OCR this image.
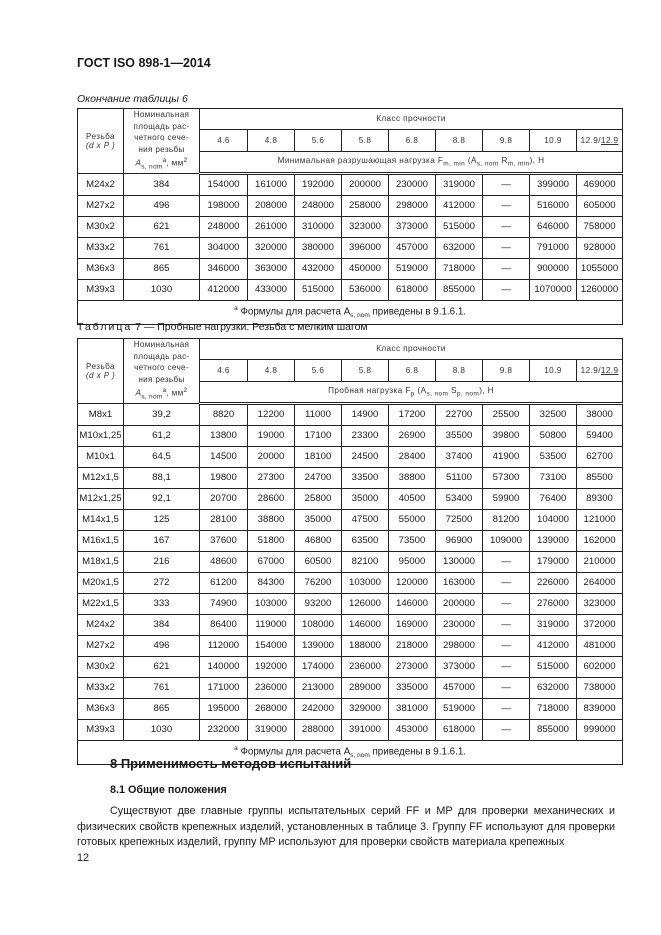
ГОСТ ISO 898-1—2014
Окончание таблицы 6
Резьба
(d x P )

Номинальная
площадь рас-
четного сече-
ния резьбы
$A_{s, nom}^a$, $мм^2$
	Класс прочности
		4.6	4.8	5.6	5.8	6.8	8.8	9.8	10.9	12.9/12.9
		Минимальная разрушающая нагрузка $F_{m, min}$ ($A_{s, nom}$ $R_{m, min}$), Н								
M24x2	384	154000	161000	192000	200000	230000	319000	—	399000	469000
M27x2	496	198000	208000	248000	258000	298000	412000	—	516000	605000
M30x2	621	248000	261000	310000	323000	373000	515000	—	646000	758000
M33x2	761	304000	320000	380000	396000	457000	632000	—	791000	928000
M36x3	865	346000	363000	432000	450000	519000	718000	—	900000	1055000
M39x3	1030	412000	433000	515000	536000	618000	855000	—	1070000	1260000
$^a$ Формулы для расчета $A_{s, nom}$ приведены в 9.1.6.1.										
Таблица 7 — Пробные нагрузки. Резьба с мелким шагом
Резьба
(d x P )

Номинальная
площадь рас-
четного сече-
ния резьбы
$A_{s, nom}^a$, $мм^2$
	Класс прочности
		4.6	4.8	5.6	5.8	6.8	8.8	9.8	10.9	12.9/12.9
		Пробная нагрузка $F_p$ ($A_{s, nom}$ $S_{p, nom}$), Н								
M8x1	39,2	8820	12200	11000	14900	17200	22700	25500	32500	38000
M10x1,25	61,2	13800	19000	17100	23300	26900	35500	39800	50800	59400
M10x1	64,5	14500	20000	18100	24500	28400	37400	41900	53500	62700
M12x1,5	88,1	19800	27300	24700	33500	38800	51100	57300	73100	85500
M12x1,25	92,1	20700	28600	25800	35000	40500	53400	59900	76400	89300
M14x1,5	125	28100	38800	35000	47500	55000	72500	81200	104000	121000
M16x1,5	167	37600	51800	46800	63500	73500	96900	109000	139000	162000
M18x1,5	216	48600	67000	60500	82100	95000	130000	—	179000	210000
M20x1,5	272	61200	84300	76200	103000	120000	163000	—	226000	264000
M22x1,5	333	74900	103000	93200	126000	146000	200000	—	276000	323000
M24x2	384	86400	119000	108000	146000	169000	230000	—	319000	372000
M27x2	496	112000	154000	139000	188000	218000	298000	—	412000	481000
M30x2	621	140000	192000	174000	236000	273000	373000	—	515000	602000
M33x2	761	171000	236000	213000	289000	335000	457000	—	632000	738000
M36x3	865	195000	268000	242000	329000	381000	519000	—	718000	839000
M39x3	1030	232000	319000	288000	391000	453000	618000	—	855000	999000
$^a$ Формулы для расчета $A_{s, nom}$ приведены в 9.1.6.1.										
8 Применимость методов испытаний
8.1 Общие положения
Существуют две главные группы испытательных серий FF и MP для проверки механических и физических свойств крепежных изделий, установленных в таблице 3. Группу FF используют для проверки готовых крепежных изделий, группу MP используют для проверки свойств материала крепежных
12
